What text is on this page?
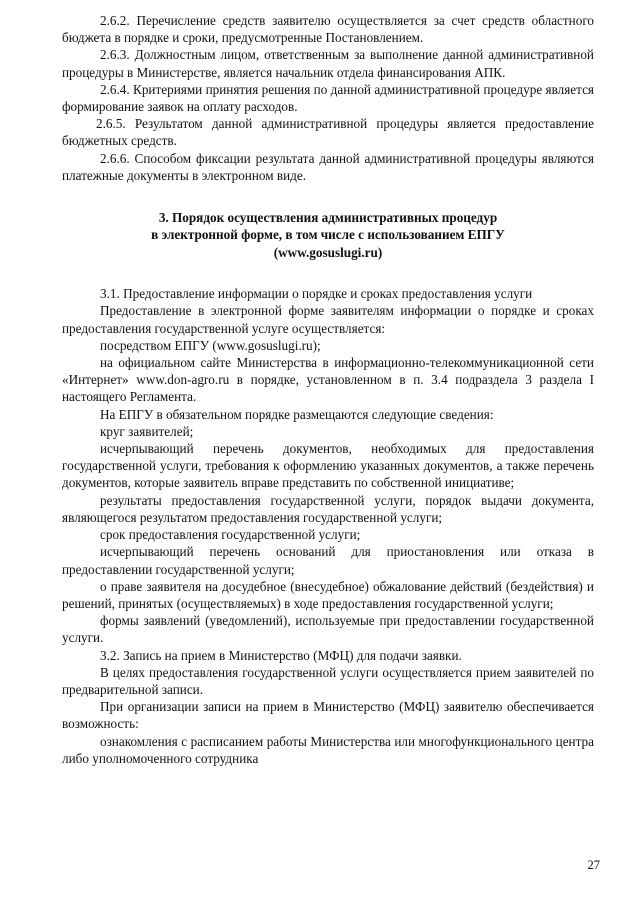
2.6.2. Перечисление средств заявителю осуществляется за счет средств областного бюджета в порядке и сроки, предусмотренные Постановлением.

2.6.3. Должностным лицом, ответственным за выполнение данной административной процедуры в Министерстве, является начальник отдела финансирования АПК.

2.6.4. Критериями принятия решения по данной административной процедуре является формирование заявок на оплату расходов.

2.6.5. Результатом данной административной процедуры является предоставление бюджетных средств.

2.6.6. Способом фиксации результата данной административной процедуры являются платежные документы в электронном виде.

3. Порядок осуществления административных процедур
в электронной форме, в том числе с использованием ЕПГУ
(www.gosuslugi.ru)

3.1. Предоставление информации о порядке и сроках предоставления услуги

Предоставление в электронной форме заявителям информации о порядке и сроках предоставления государственной услуге осуществляется:

посредством ЕПГУ (www.gosuslugi.ru);

на официальном сайте Министерства в информационно-телекоммуникационной сети «Интернет» www.don-agro.ru в порядке, установленном в п. 3.4 подраздела 3 раздела I настоящего Регламента.

На ЕПГУ в обязательном порядке размещаются следующие сведения:

круг заявителей;

исчерпывающий перечень документов, необходимых для предоставления государственной услуги, требования к оформлению указанных документов, а также перечень документов, которые заявитель вправе представить по собственной инициативе;

результаты предоставления государственной услуги, порядок выдачи документа, являющегося результатом предоставления государственной услуги;

срок предоставления государственной услуги;

исчерпывающий перечень оснований для приостановления или отказа в предоставлении государственной услуги;

о праве заявителя на досудебное (внесудебное) обжалование действий (бездействия) и решений, принятых (осуществляемых) в ходе предоставления государственной услуги;

формы заявлений (уведомлений), используемые при предоставлении государственной услуги.

3.2. Запись на прием в Министерство (МФЦ) для подачи заявки.

В целях предоставления государственной услуги осуществляется прием заявителей по предварительной записи.

При организации записи на прием в Министерство (МФЦ) заявителю обеспечивается возможность:

ознакомления с расписанием работы Министерства или многофункционального центра либо уполномоченного сотрудника

27
